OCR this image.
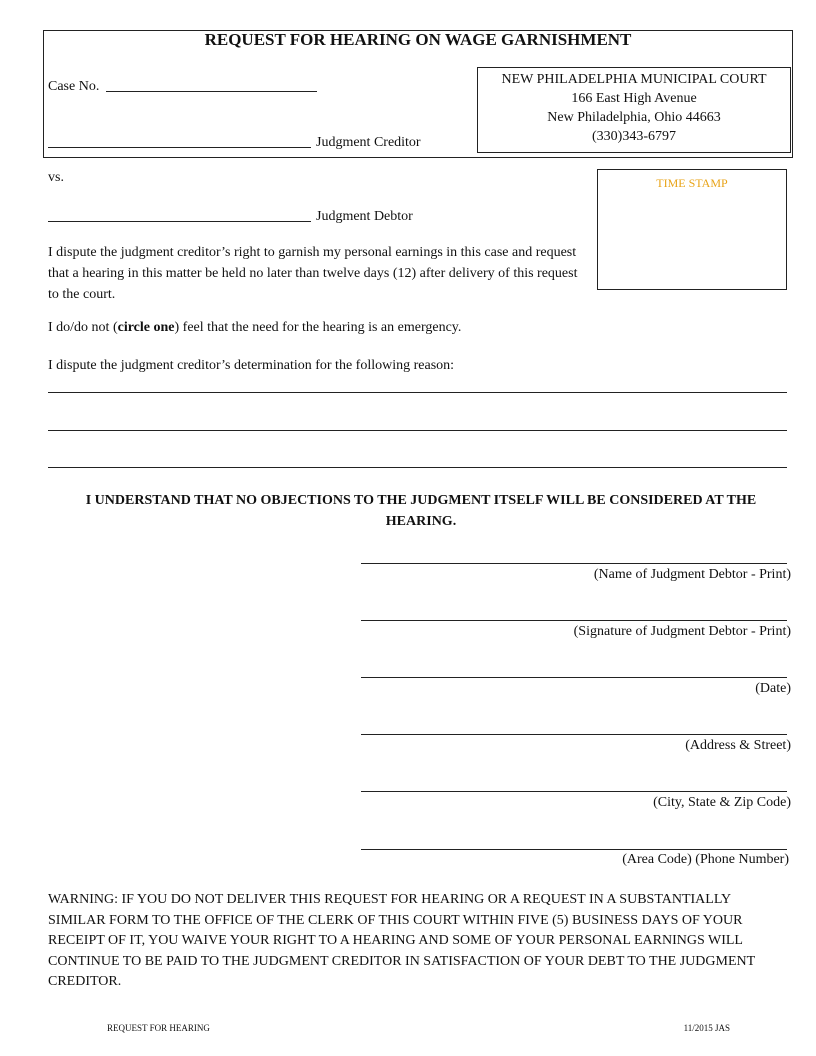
REQUEST FOR HEARING ON WAGE GARNISHMENT
Case No.
Judgment Creditor
NEW PHILADELPHIA MUNICIPAL COURT
166 East High Avenue
New Philadelphia, Ohio 44663
(330)343-6797
vs.	TIME STAMP
Judgment Debtor
I dispute the judgment creditor’s right to garnish my personal earnings in this case and request that a hearing in this matter be held no later than twelve days (12) after delivery of this request to the court.
I do/do not (circle one) feel that the need for the hearing is an emergency.
I dispute the judgment creditor’s determination for the following reason:
I UNDERSTAND THAT NO OBJECTIONS TO THE JUDGMENT ITSELF WILL BE CONSIDERED AT THE HEARING.
(Name of Judgment Debtor - Print)
(Signature of Judgment Debtor - Print)
(Date)
(Address & Street)
(City, State & Zip Code)
(Area Code) (Phone Number)
WARNING: IF YOU DO NOT DELIVER THIS REQUEST FOR HEARING OR A REQUEST IN A SUBSTANTIALLY SIMILAR FORM TO THE OFFICE OF THE CLERK OF THIS COURT WITHIN FIVE (5) BUSINESS DAYS OF YOUR RECEIPT OF IT, YOU WAIVE YOUR RIGHT TO A HEARING AND SOME OF YOUR PERSONAL EARNINGS WILL CONTINUE TO BE PAID TO THE JUDGMENT CREDITOR IN SATISFACTION OF YOUR DEBT TO THE JUDGMENT CREDITOR.
REQUEST FOR HEARING	11/2015 JAS
